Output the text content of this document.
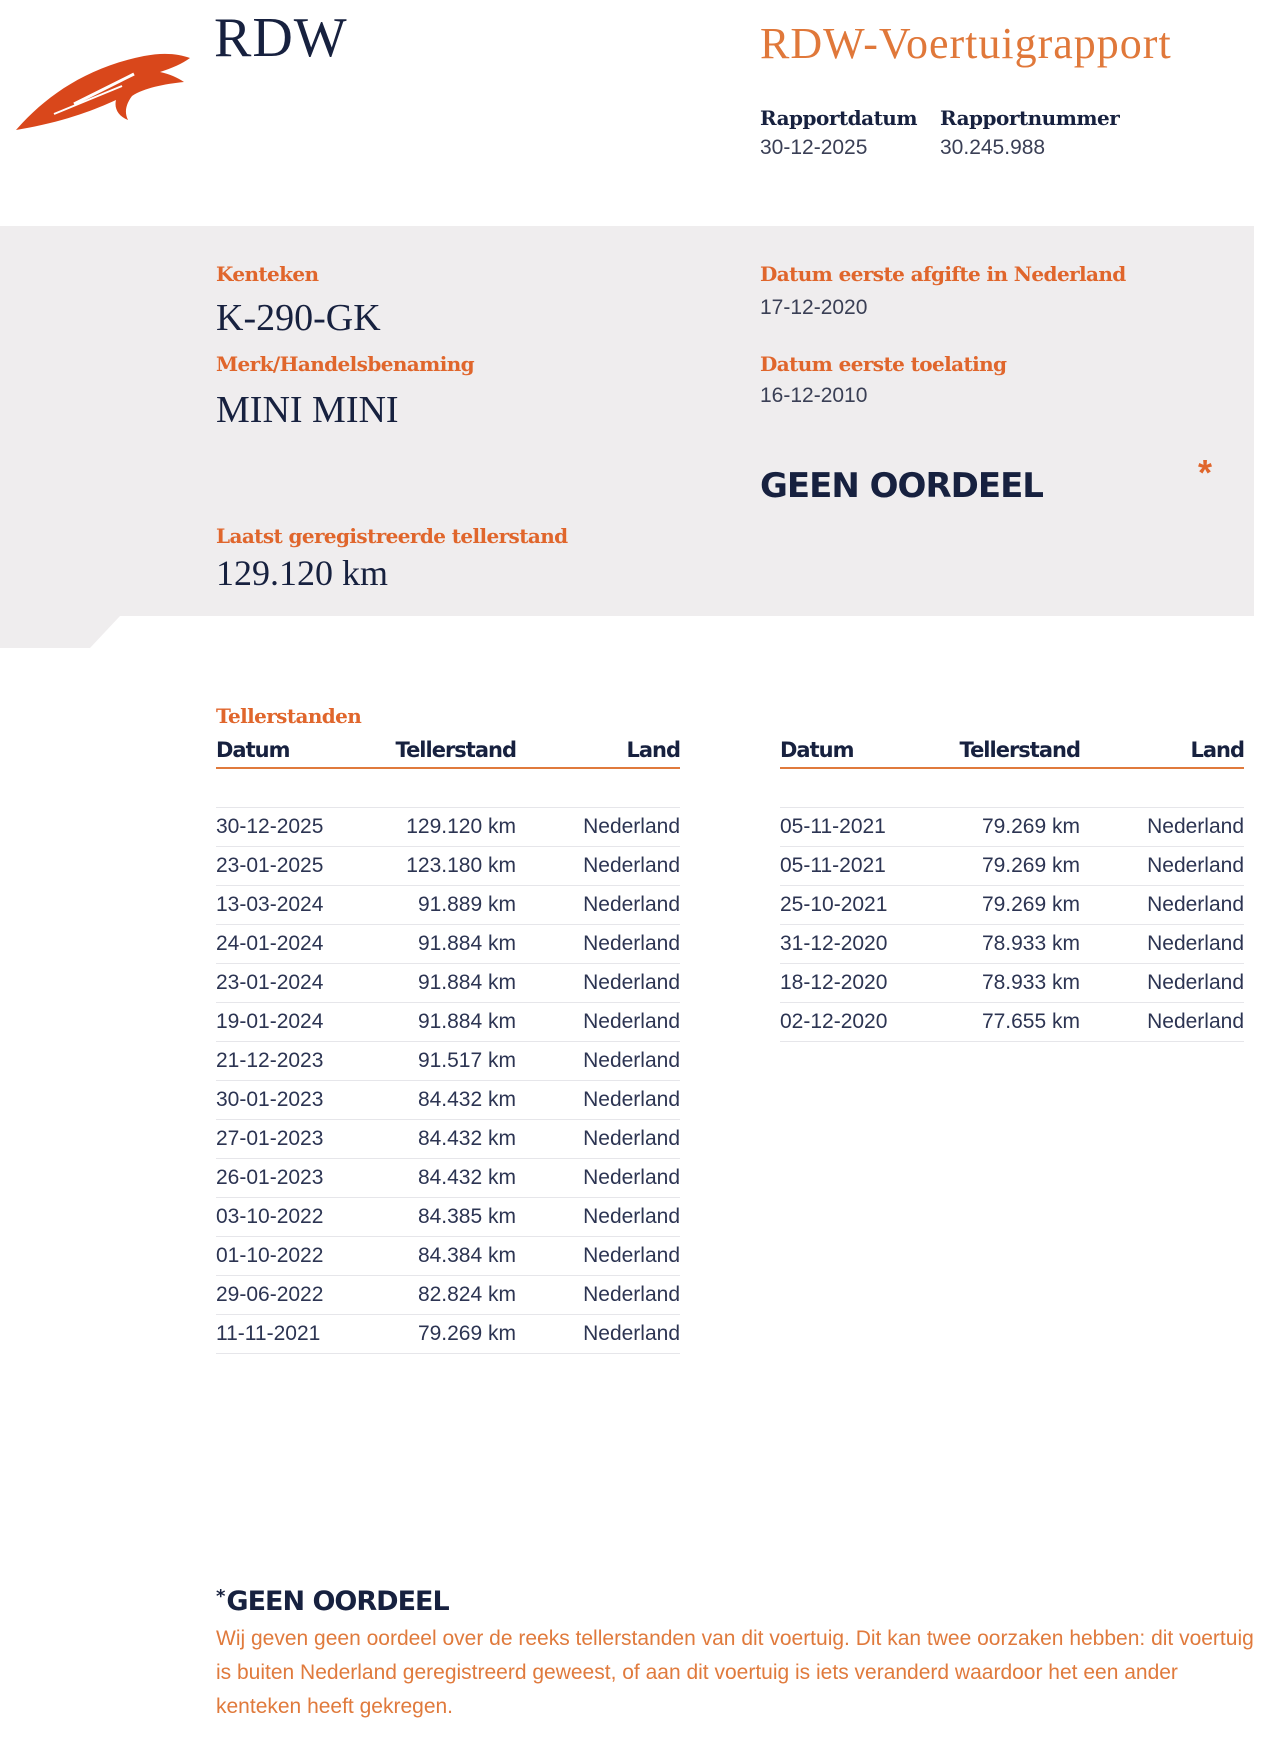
RDW	RDW-Voertuigrapport
Rapportdatum
30-12-2025
Rapportnummer
30.245.988
Kenteken
K-290-GK
Merk/Handelsbenaming
MINI MINI
Datum eerste afgifte in Nederland
17-12-2020
Datum eerste toelating
16-12-2010
GEEN OORDEEL	*
Laatst geregistreerde tellerstand
129.120 km
Tellerstanden
Datum	Tellerstand	Land

30-12-2025	129.120 km	Nederland
23-01-2025	123.180 km	Nederland
13-03-2024	91.889 km	Nederland
24-01-2024	91.884 km	Nederland
23-01-2024	91.884 km	Nederland
19-01-2024	91.884 km	Nederland
21-12-2023	91.517 km	Nederland
30-01-2023	84.432 km	Nederland
27-01-2023	84.432 km	Nederland
26-01-2023	84.432 km	Nederland
03-10-2022	84.385 km	Nederland
01-10-2022	84.384 km	Nederland
29-06-2022	82.824 km	Nederland
11-11-2021	79.269 km	Nederland
Datum	Tellerstand	Land

05-11-2021	79.269 km	Nederland
05-11-2021	79.269 km	Nederland
25-10-2021	79.269 km	Nederland
31-12-2020	78.933 km	Nederland
18-12-2020	78.933 km	Nederland
02-12-2020	77.655 km	Nederland
*GEEN OORDEEL
Wij geven geen oordeel over de reeks tellerstanden van dit voertuig. Dit kan twee oorzaken hebben: dit voertuig is buiten Nederland geregistreerd geweest, of aan dit voertuig is iets veranderd waardoor het een ander kenteken heeft gekregen.
